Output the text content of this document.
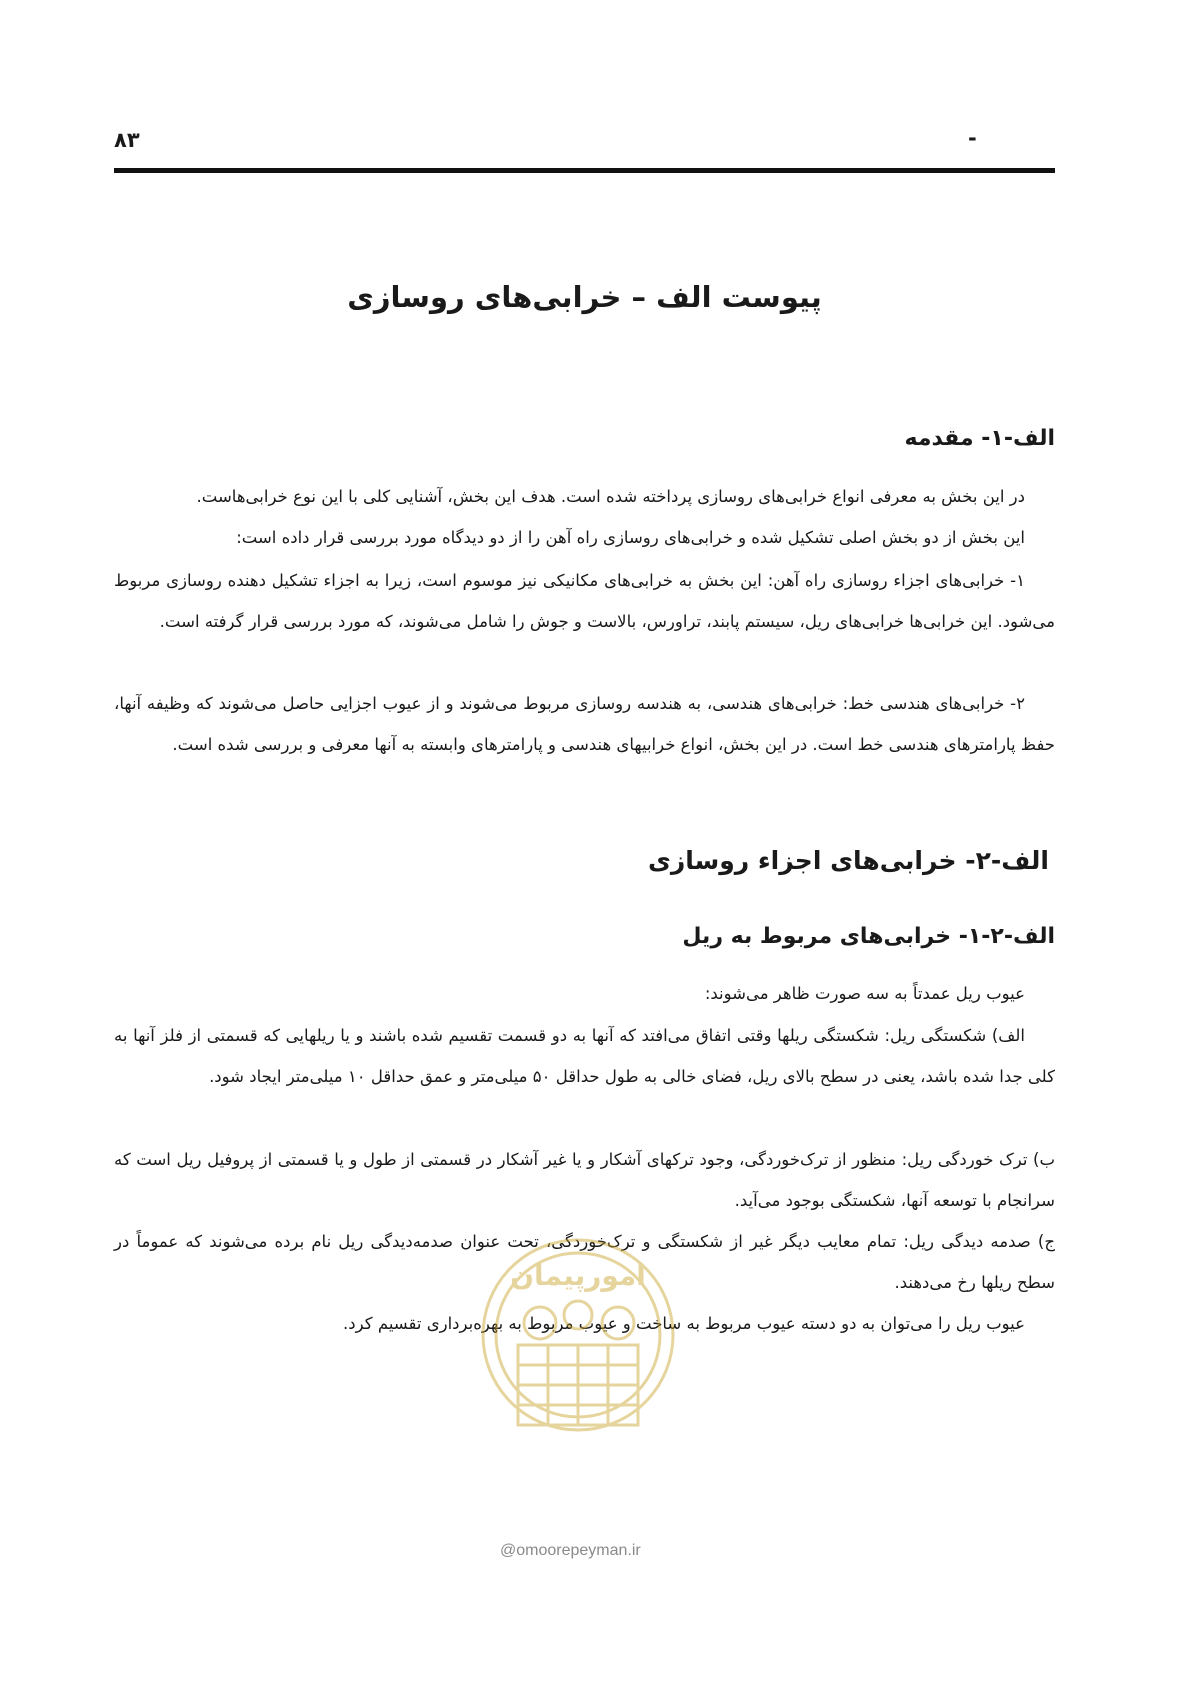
۸۳	-
پیوست الف – خرابی‌های روسازی
الف-۱- مقدمه

در این بخش به معرفی انواع خرابی‌های روسازی پرداخته شده است. هدف این بخش، آشنایی کلی با این نوع خرابی‌هاست.

این بخش از دو بخش اصلی تشکیل شده و خرابی‌های روسازی راه آهن را از دو دیدگاه مورد بررسی قرار داده است:

۱- خرابی‌های اجزاء روسازی راه آهن: این بخش به خرابی‌های مکانیکی نیز موسوم است، زیرا به اجزاء تشکیل دهنده روسازی مربوط می‌شود. این خرابی‌ها خرابی‌های ریل، سیستم پابند، تراورس، بالاست و جوش را شامل می‌شوند، که مورد بررسی قرار گرفته است.

۲- خرابی‌های هندسی خط: خرابی‌های هندسی، به هندسه روسازی مربوط می‌شوند و از عیوب اجزایی حاصل می‌شوند که وظیفه آنها، حفظ پارامترهای هندسی خط است. در این بخش، انواع خرابیهای هندسی و پارامترهای وابسته به آنها معرفی و بررسی شده است.

الف-۲- خرابی‌های اجزاء روسازی
الف-۲-۱- خرابی‌های مربوط به ریل

عیوب ریل عمدتاً به سه صورت ظاهر می‌شوند:

الف) شکستگی ریل: شکستگی ریلها وقتی اتفاق می‌افتد که آنها به دو قسمت تقسیم شده باشند و یا ریلهایی که قسمتی از فلز آنها به کلی جدا شده باشد، یعنی در سطح بالای ریل، فضای خالی به طول حداقل ۵۰ میلی‌متر و عمق حداقل ۱۰ میلی‌متر ایجاد شود.

ب) ترک خوردگی ریل: منظور از ترک‌خوردگی، وجود ترکهای آشکار و یا غیر آشکار در قسمتی از طول و یا قسمتی از پروفیل ریل است که سرانجام با توسعه آنها، شکستگی بوجود می‌آید.

ج) صدمه دیدگی ریل: تمام معایب دیگر غیر از شکستگی و ترک‌خوردگی، تحت عنوان صدمه‌دیدگی ریل نام برده می‌شوند که عموماً در سطح ریلها رخ می‌دهند.

عیوب ریل را می‌توان به دو دسته عیوب مربوط به ساخت و عیوب مربوط به بهره‌برداری تقسیم کرد.

امورپیمان
@omoorepeyman.ir
